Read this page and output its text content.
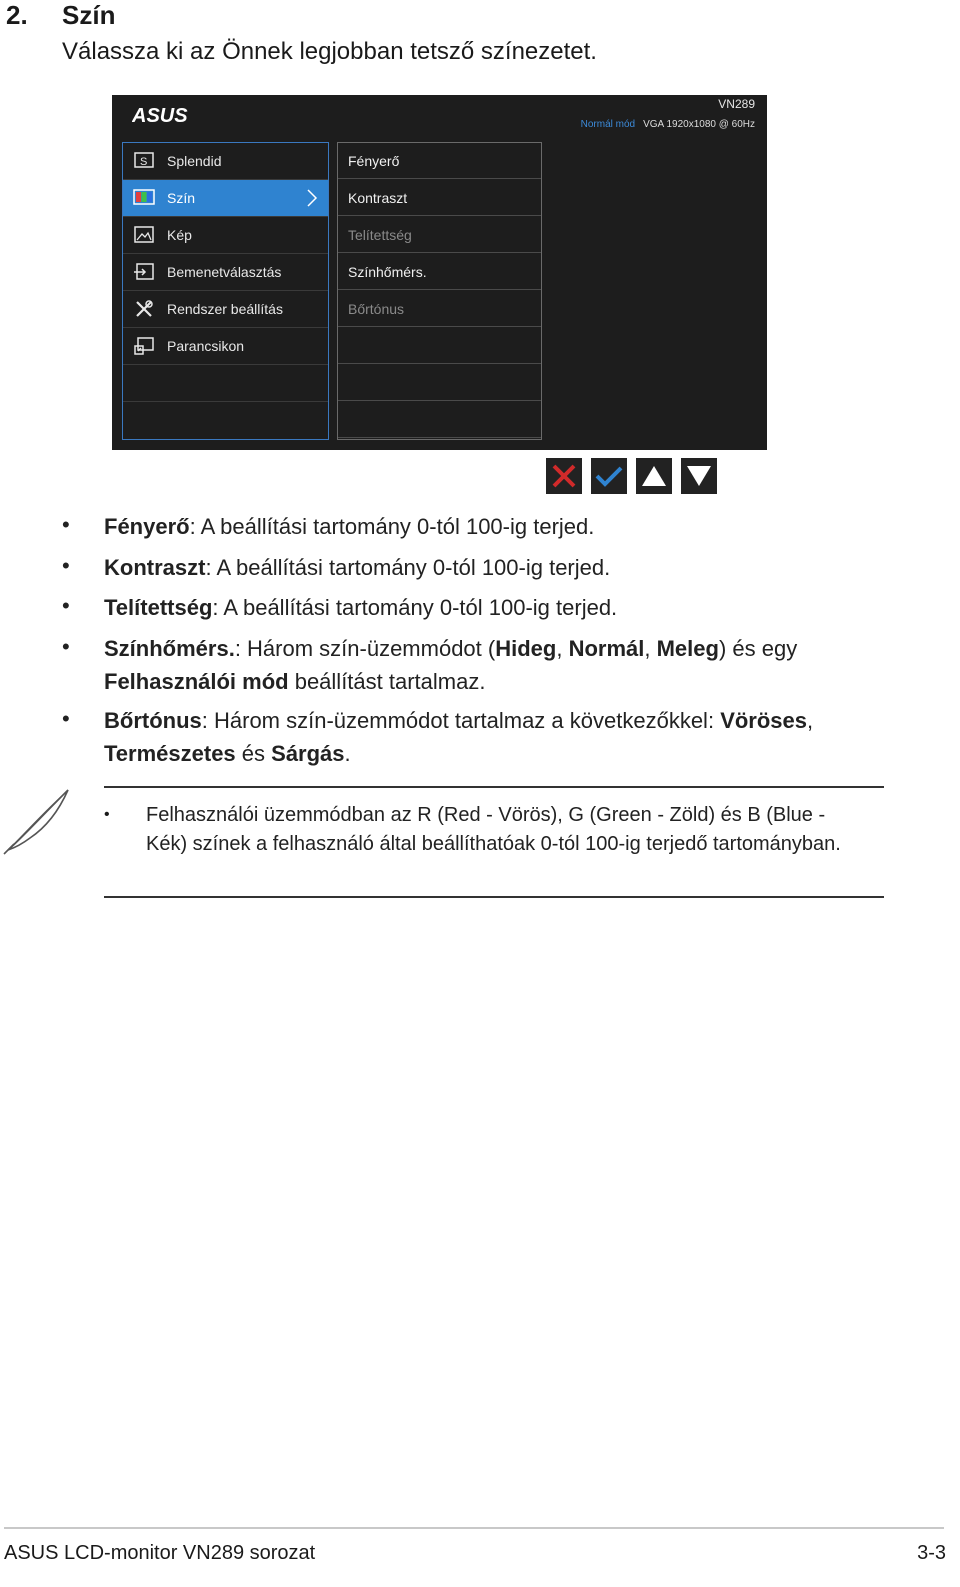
2. Szín
Válassza ki az Önnek legjobban tetsző színezetet.
ASUS
VN289
Normál mód VGA 1920x1080 @ 60Hz
S Splendid
Szín
Kép
Bemenetválasztás
Rendszer beállítás
Parancsikon
Fényerő
Kontraszt
Telítettség
Színhőmérs.
Bőrtónus
• Fényerő: A beállítási tartomány 0-tól 100-ig terjed.
• Kontraszt: A beállítási tartomány 0-tól 100-ig terjed.
• Telítettség: A beállítási tartomány 0-tól 100-ig terjed.
• Színhőmérs.: Három szín-üzemmódot (Hideg, Normál, Meleg) és egy
Felhasználói mód beállítást tartalmaz.
• Bőrtónus: Három szín-üzemmódot tartalmaz a következőkkel: Vöröses,
Természetes és Sárgás.
• Felhasználói üzemmódban az R (Red - Vörös), G (Green - Zöld) és B (Blue - Kék) színek a felhasználó által beállíthatóak 0-tól 100-ig terjedő tartományban.
ASUS LCD-monitor VN289 sorozat	3-3
